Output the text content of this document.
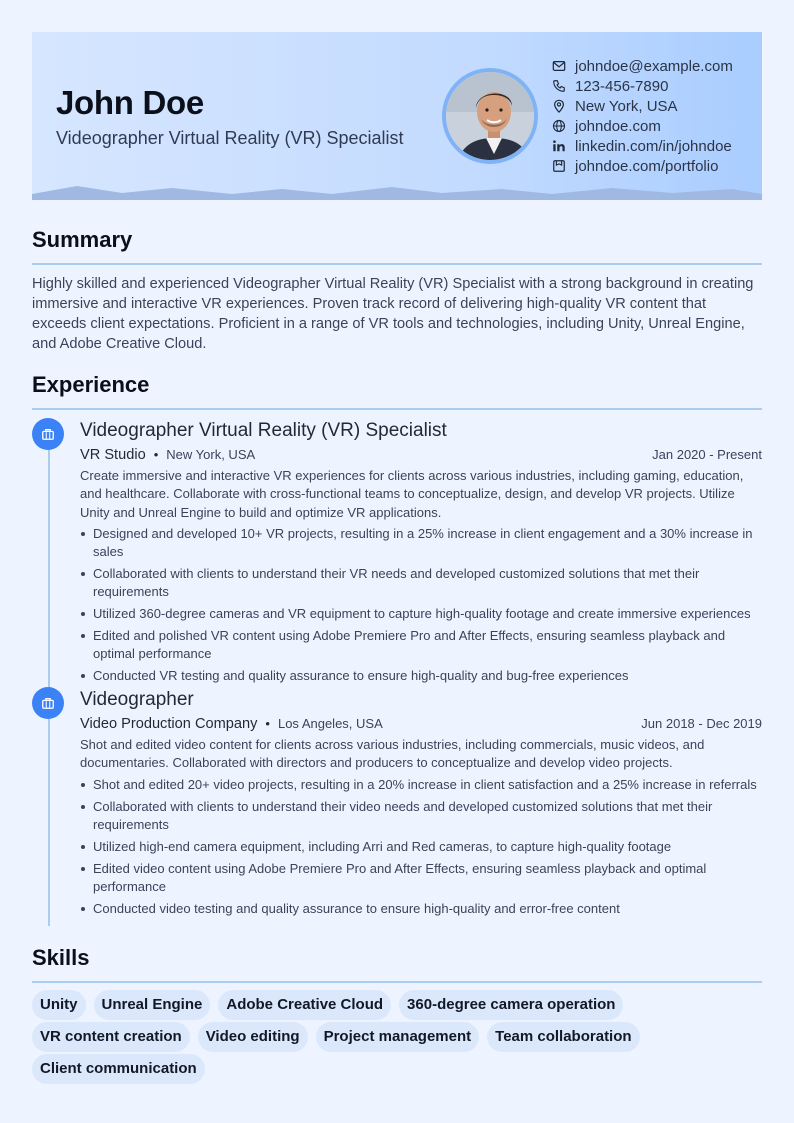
John Doe
Videographer Virtual Reality (VR) Specialist
johndoe@example.com
123-456-7890
New York, USA
johndoe.com
linkedin.com/in/johndoe
johndoe.com/portfolio
Summary
Highly skilled and experienced Videographer Virtual Reality (VR) Specialist with a strong background in creating immersive and interactive VR experiences. Proven track record of delivering high-quality VR content that exceeds client expectations. Proficient in a range of VR tools and technologies, including Unity, Unreal Engine, and Adobe Creative Cloud.
Experience
Videographer Virtual Reality (VR) Specialist
VR Studio • New York, USA	Jan 2020 - Present
Create immersive and interactive VR experiences for clients across various industries, including gaming, education, and healthcare. Collaborate with cross-functional teams to conceptualize, design, and develop VR projects. Utilize Unity and Unreal Engine to build and optimize VR applications.
Designed and developed 10+ VR projects, resulting in a 25% increase in client engagement and a 30% increase in sales
Collaborated with clients to understand their VR needs and developed customized solutions that met their requirements
Utilized 360-degree cameras and VR equipment to capture high-quality footage and create immersive experiences
Edited and polished VR content using Adobe Premiere Pro and After Effects, ensuring seamless playback and optimal performance
Conducted VR testing and quality assurance to ensure high-quality and bug-free experiences
Videographer
Video Production Company • Los Angeles, USA	Jun 2018 - Dec 2019
Shot and edited video content for clients across various industries, including commercials, music videos, and documentaries. Collaborated with directors and producers to conceptualize and develop video projects.
Shot and edited 20+ video projects, resulting in a 20% increase in client satisfaction and a 25% increase in referrals
Collaborated with clients to understand their video needs and developed customized solutions that met their requirements
Utilized high-end camera equipment, including Arri and Red cameras, to capture high-quality footage
Edited video content using Adobe Premiere Pro and After Effects, ensuring seamless playback and optimal performance
Conducted video testing and quality assurance to ensure high-quality and error-free content
Skills
Unity	Unreal Engine	Adobe Creative Cloud	360-degree camera operation
VR content creation	Video editing	Project management	Team collaboration
Client communication
